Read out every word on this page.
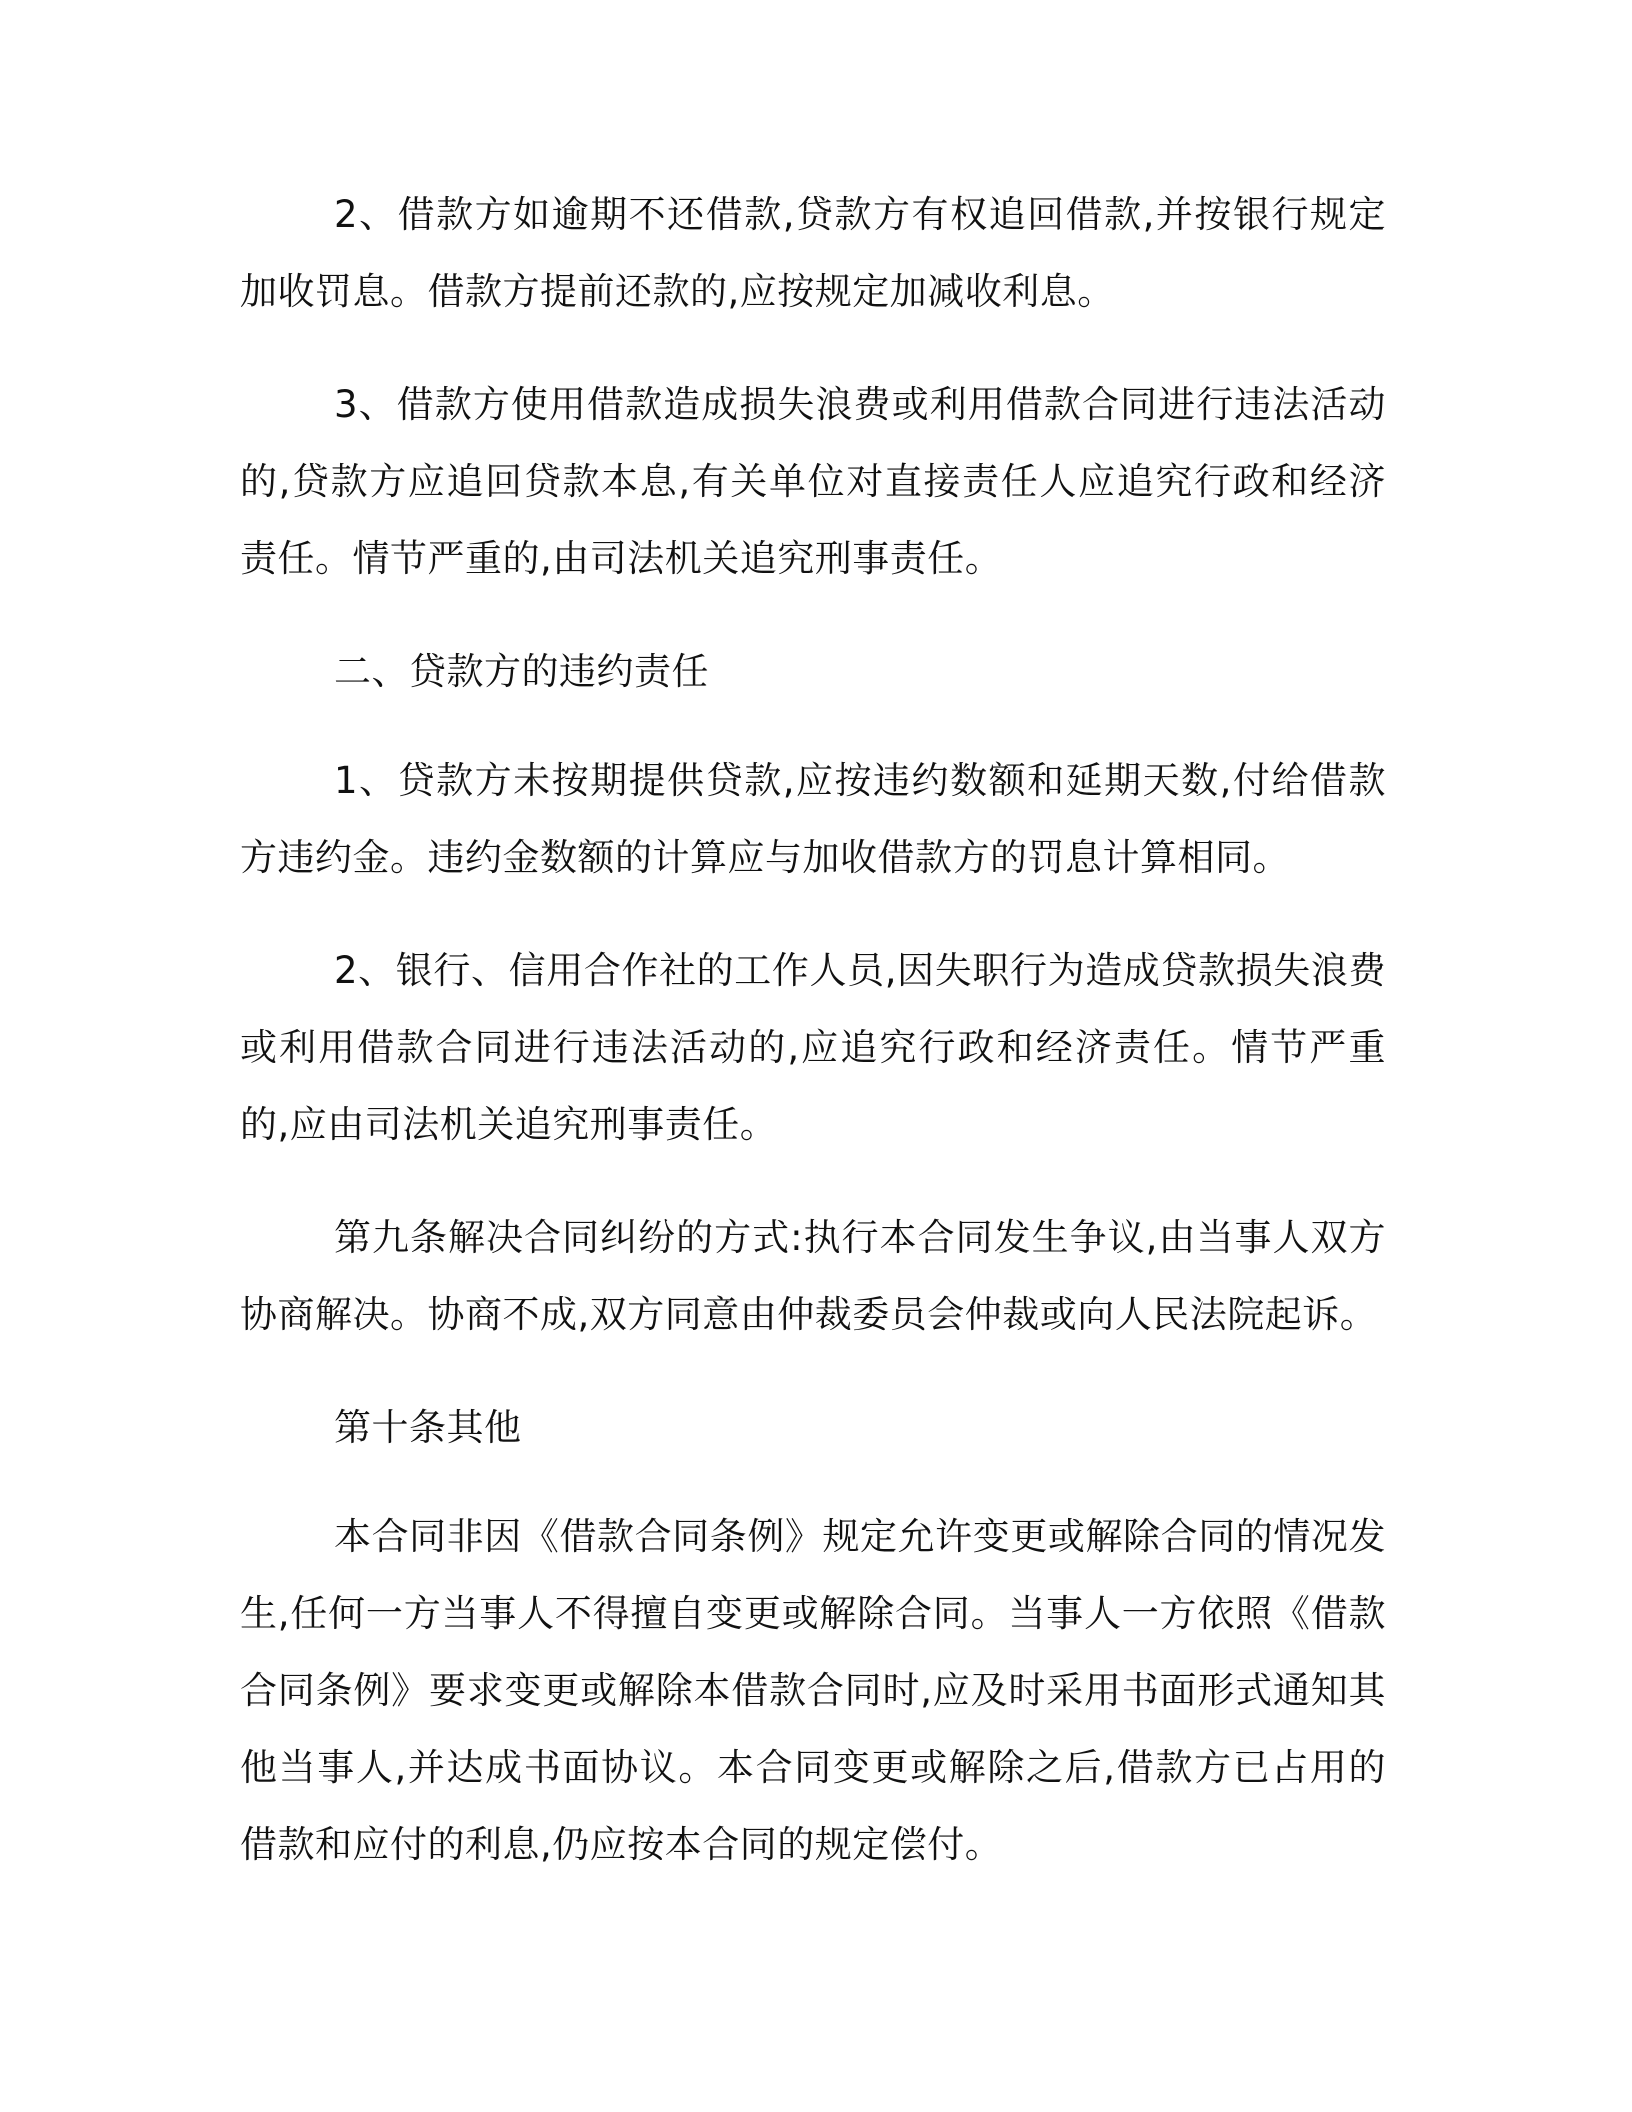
2、借款方如逾期不还借款,贷款方有权追回借款,并按银行规定加收罚息。借款方提前还款的,应按规定加减收利息。

3、借款方使用借款造成损失浪费或利用借款合同进行违法活动的,贷款方应追回贷款本息,有关单位对直接责任人应追究行政和经济责任。情节严重的,由司法机关追究刑事责任。

二、贷款方的违约责任

1、贷款方未按期提供贷款,应按违约数额和延期天数,付给借款方违约金。违约金数额的计算应与加收借款方的罚息计算相同。

2、银行、信用合作社的工作人员,因失职行为造成贷款损失浪费或利用借款合同进行违法活动的,应追究行政和经济责任。情节严重的,应由司法机关追究刑事责任。

第九条解决合同纠纷的方式:执行本合同发生争议,由当事人双方协商解决。协商不成,双方同意由仲裁委员会仲裁或向人民法院起诉。

第十条其他

本合同非因《借款合同条例》规定允许变更或解除合同的情况发生,任何一方当事人不得擅自变更或解除合同。当事人一方依照《借款合同条例》要求变更或解除本借款合同时,应及时采用书面形式通知其他当事人,并达成书面协议。本合同变更或解除之后,借款方已占用的借款和应付的利息,仍应按本合同的规定偿付。
